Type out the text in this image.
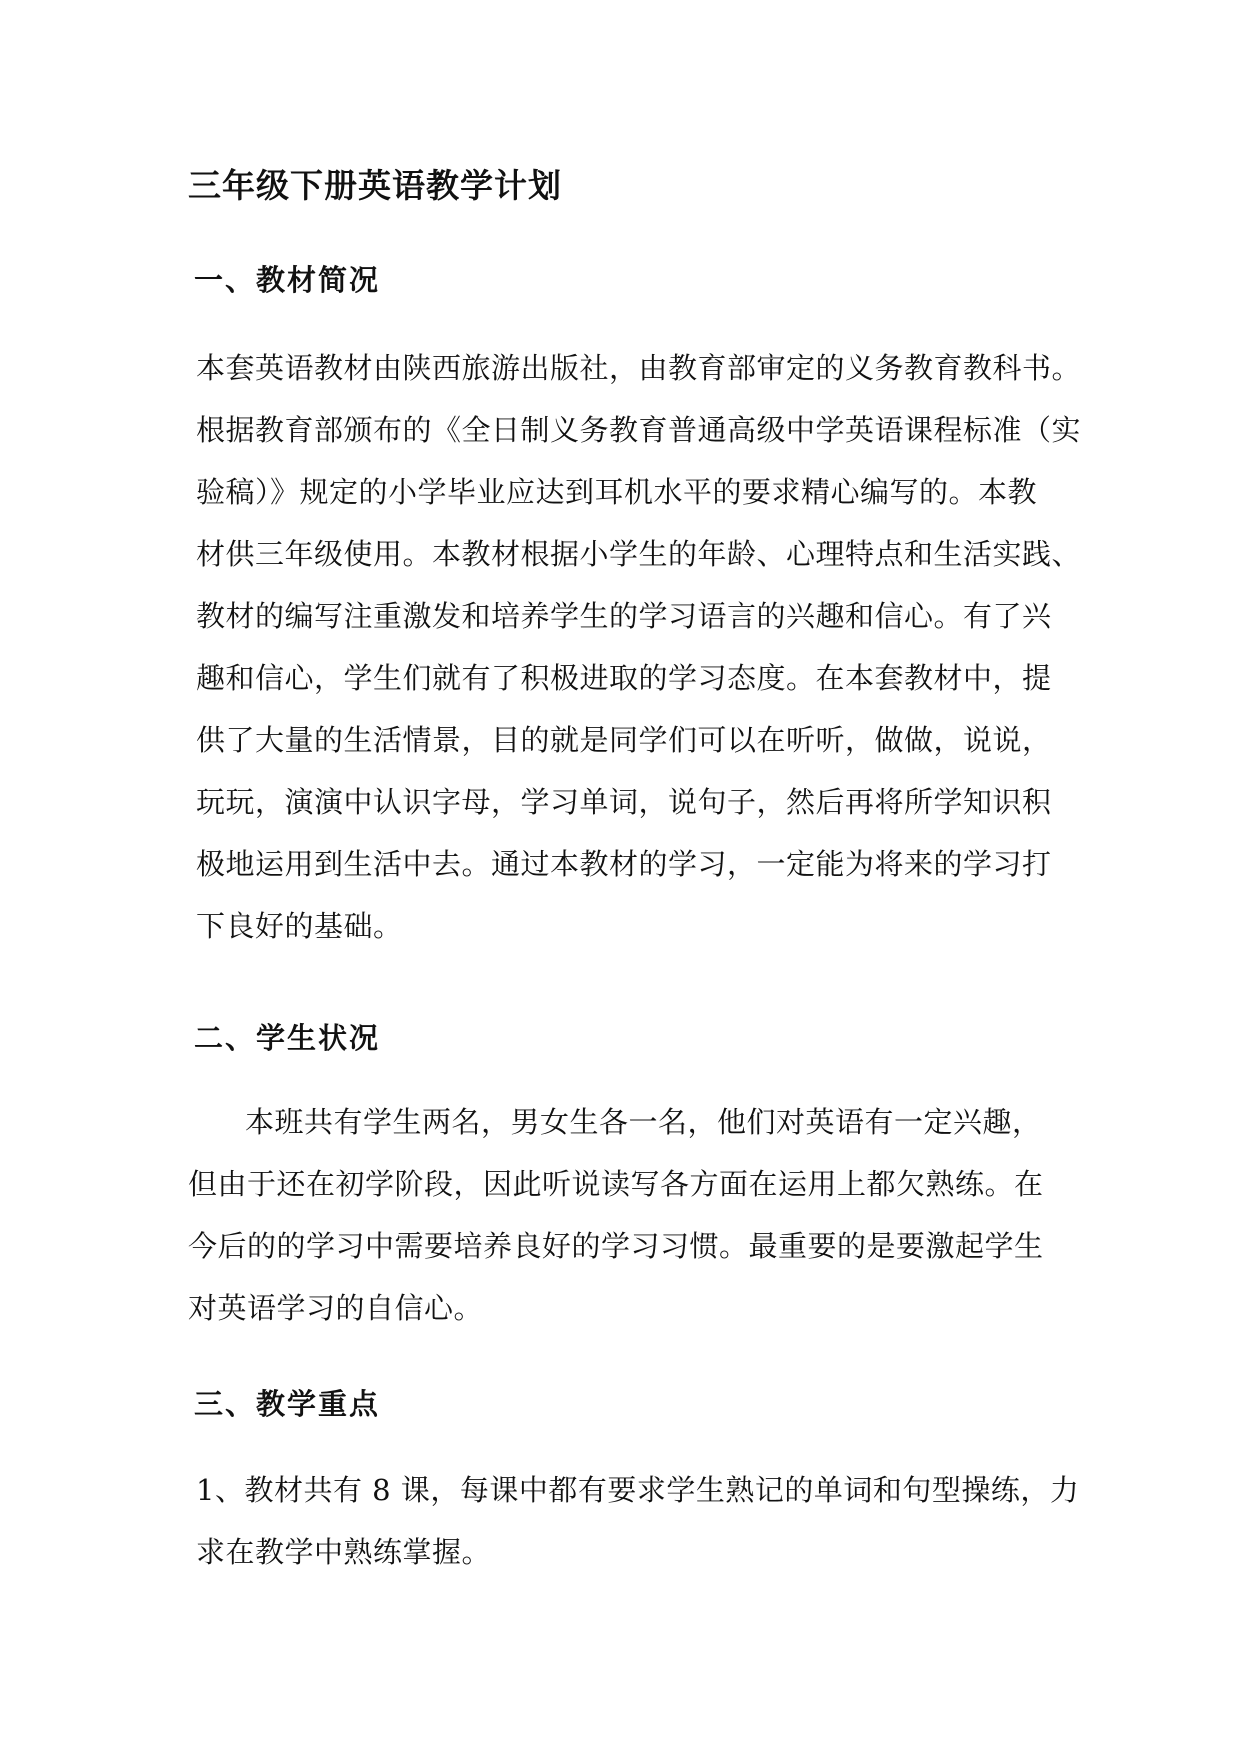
三年级下册英语教学计划
一、教材简况
本套英语教材由陕西旅游出版社，由教育部审定的义务教育教科书。
根据教育部颁布的《全日制义务教育普通高级中学英语课程标准（实
验稿）》规定的小学毕业应达到耳机水平的要求精心编写的。本教
材供三年级使用。本教材根据小学生的年龄、心理特点和生活实践、
教材的编写注重激发和培养学生的学习语言的兴趣和信心。有了兴
趣和信心，学生们就有了积极进取的学习态度。在本套教材中，提
供了大量的生活情景，目的就是同学们可以在听听，做做，说说，
玩玩，演演中认识字母，学习单词，说句子，然后再将所学知识积
极地运用到生活中去。通过本教材的学习，一定能为将来的学习打
下良好的基础。
二、学生状况
本班共有学生两名，男女生各一名，他们对英语有一定兴趣，
但由于还在初学阶段，因此听说读写各方面在运用上都欠熟练。在
今后的的学习中需要培养良好的学习习惯。最重要的是要激起学生
对英语学习的自信心。
三、教学重点
1、教材共有 8 课，每课中都有要求学生熟记的单词和句型操练，力
求在教学中熟练掌握。
